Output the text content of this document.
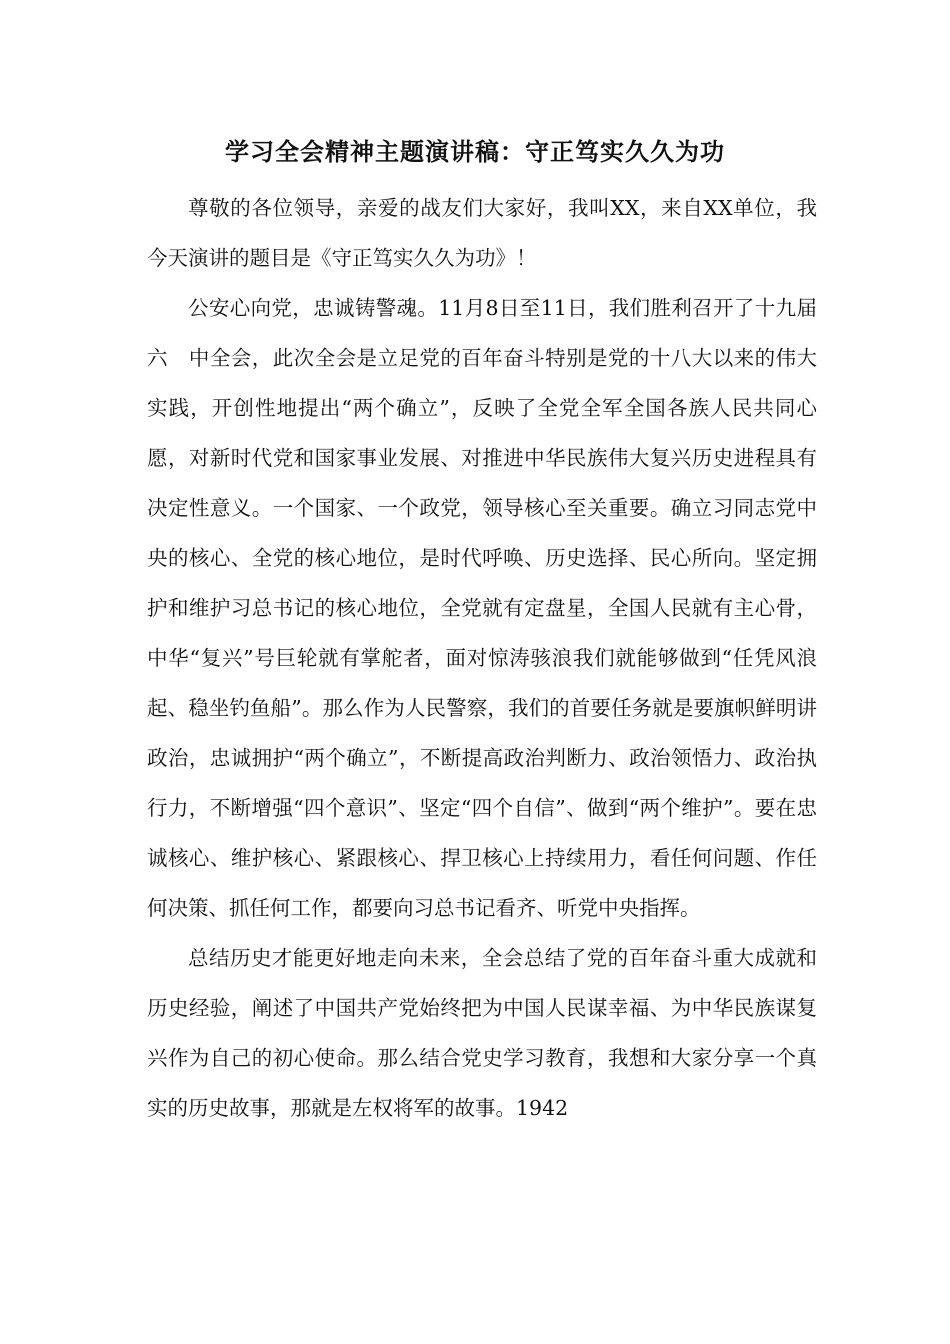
学习全会精神主题演讲稿：守正笃实久久为功

尊敬的各位领导，亲爱的战友们大家好，我叫XX，来自XX单位，我今天演讲的题目是《守正笃实久久为功》！

公安心向党，忠诚铸警魂。11月8日至11日，我们胜利召开了十九届六　中全会，此次全会是立足党的百年奋斗特别是党的十八大以来的伟大实践，开创性地提出“两个确立”，反映了全党全军全国各族人民共同心愿，对新时代党和国家事业发展、对推进中华民族伟大复兴历史进程具有决定性意义。一个国家、一个政党，领导核心至关重要。确立习同志党中央的核心、全党的核心地位，是时代呼唤、历史选择、民心所向。坚定拥护和维护习总书记的核心地位，全党就有定盘星，全国人民就有主心骨，中华“复兴”号巨轮就有掌舵者，面对惊涛骇浪我们就能够做到“任凭风浪起、稳坐钓鱼船”。那么作为人民警察，我们的首要任务就是要旗帜鲜明讲政治，忠诚拥护“两个确立”，不断提高政治判断力、政治领悟力、政治执行力，不断增强“四个意识”、坚定“四个自信”、做到“两个维护”。要在忠诚核心、维护核心、紧跟核心、捍卫核心上持续用力，看任何问题、作任何决策、抓任何工作，都要向习总书记看齐、听党中央指挥。

总结历史才能更好地走向未来，全会总结了党的百年奋斗重大成就和历史经验，阐述了中国共产党始终把为中国人民谋幸福、为中华民族谋复兴作为自己的初心使命。那么结合党史学习教育，我想和大家分享一个真实的历史故事，那就是左权将军的故事。1942
